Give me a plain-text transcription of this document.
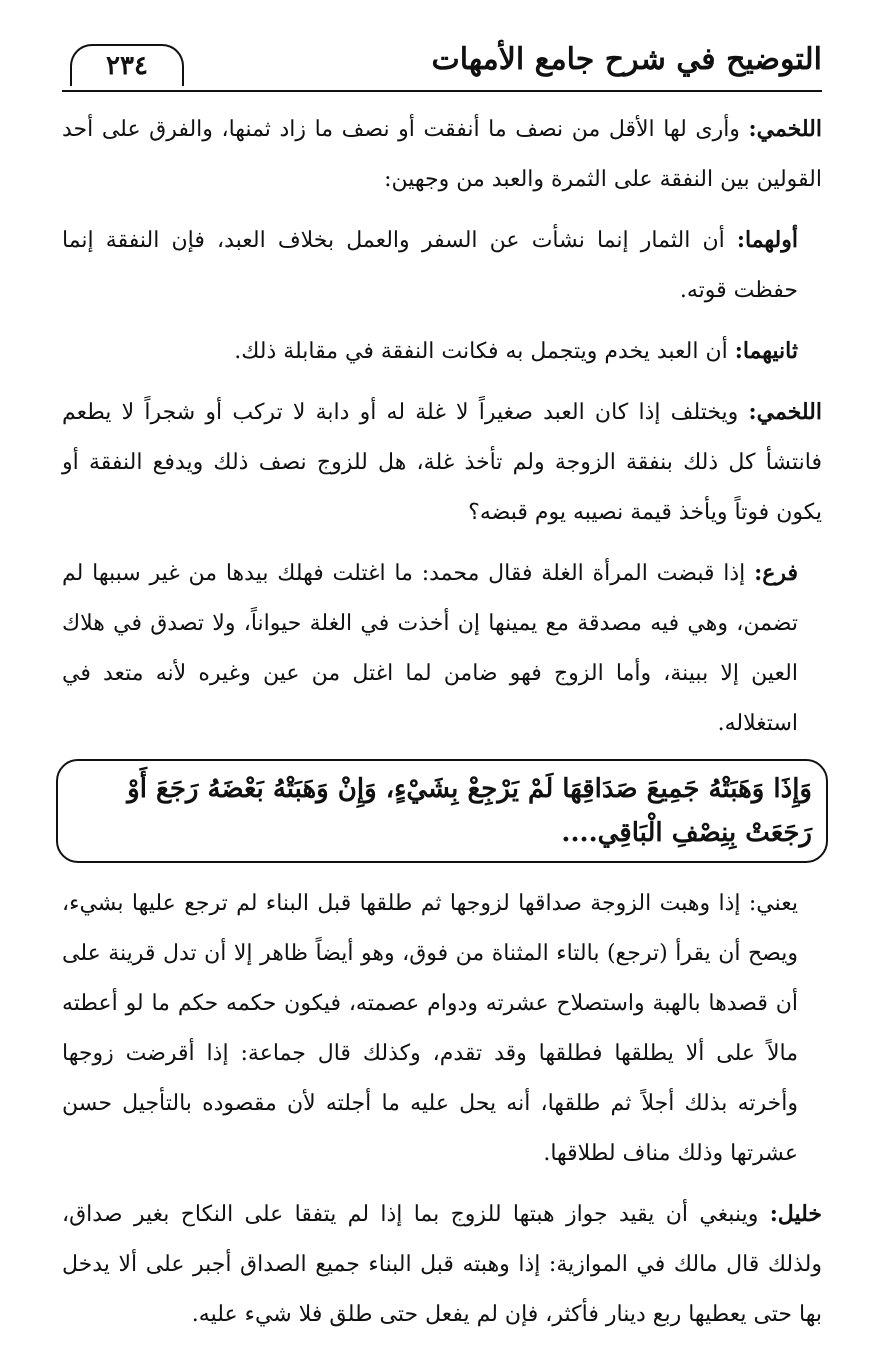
التوضيح في شرح جامع الأمهات
٢٣٤

اللخمي: وأرى لها الأقل من نصف ما أنفقت أو نصف ما زاد ثمنها، والفرق على أحد القولين بين النفقة على الثمرة والعبد من وجهين:

أولهما: أن الثمار إنما نشأت عن السفر والعمل بخلاف العبد، فإن النفقة إنما حفظت قوته.

ثانيهما: أن العبد يخدم ويتجمل به فكانت النفقة في مقابلة ذلك.

اللخمي: ويختلف إذا كان العبد صغيراً لا غلة له أو دابة لا تركب أو شجراً لا يطعم فانتشأ كل ذلك بنفقة الزوجة ولم تأخذ غلة، هل للزوج نصف ذلك ويدفع النفقة أو يكون فوتاً ويأخذ قيمة نصيبه يوم قبضه؟

فرع: إذا قبضت المرأة الغلة فقال محمد: ما اغتلت فهلك بيدها من غير سببها لم تضمن، وهي فيه مصدقة مع يمينها إن أخذت في الغلة حيواناً، ولا تصدق في هلاك العين إلا ببينة، وأما الزوج فهو ضامن لما اغتل من عين وغيره لأنه متعد في استغلاله.

وَإِذَا وَهَبَتْهُ جَمِيعَ صَدَاقِهَا لَمْ يَرْجِعْ بِشَيْءٍ، وَإِنْ وَهَبَتْهُ بَعْضَهُ رَجَعَ أَوْ رَجَعَتْ بِنِصْفِ الْبَاقِي....

يعني: إذا وهبت الزوجة صداقها لزوجها ثم طلقها قبل البناء لم ترجع عليها بشيء، ويصح أن يقرأ (ترجع) بالتاء المثناة من فوق، وهو أيضاً ظاهر إلا أن تدل قرينة على أن قصدها بالهبة واستصلاح عشرته ودوام عصمته، فيكون حكمه حكم ما لو أعطته مالاً على ألا يطلقها فطلقها وقد تقدم، وكذلك قال جماعة: إذا أقرضت زوجها وأخرته بذلك أجلاً ثم طلقها، أنه يحل عليه ما أجلته لأن مقصوده بالتأجيل حسن عشرتها وذلك مناف لطلاقها.

خليل: وينبغي أن يقيد جواز هبتها للزوج بما إذا لم يتفقا على النكاح بغير صداق، ولذلك قال مالك في الموازية: إذا وهبته قبل البناء جميع الصداق أجبر على ألا يدخل بها حتى يعطيها ربع دينار فأكثر، فإن لم يفعل حتى طلق فلا شيء عليه.
